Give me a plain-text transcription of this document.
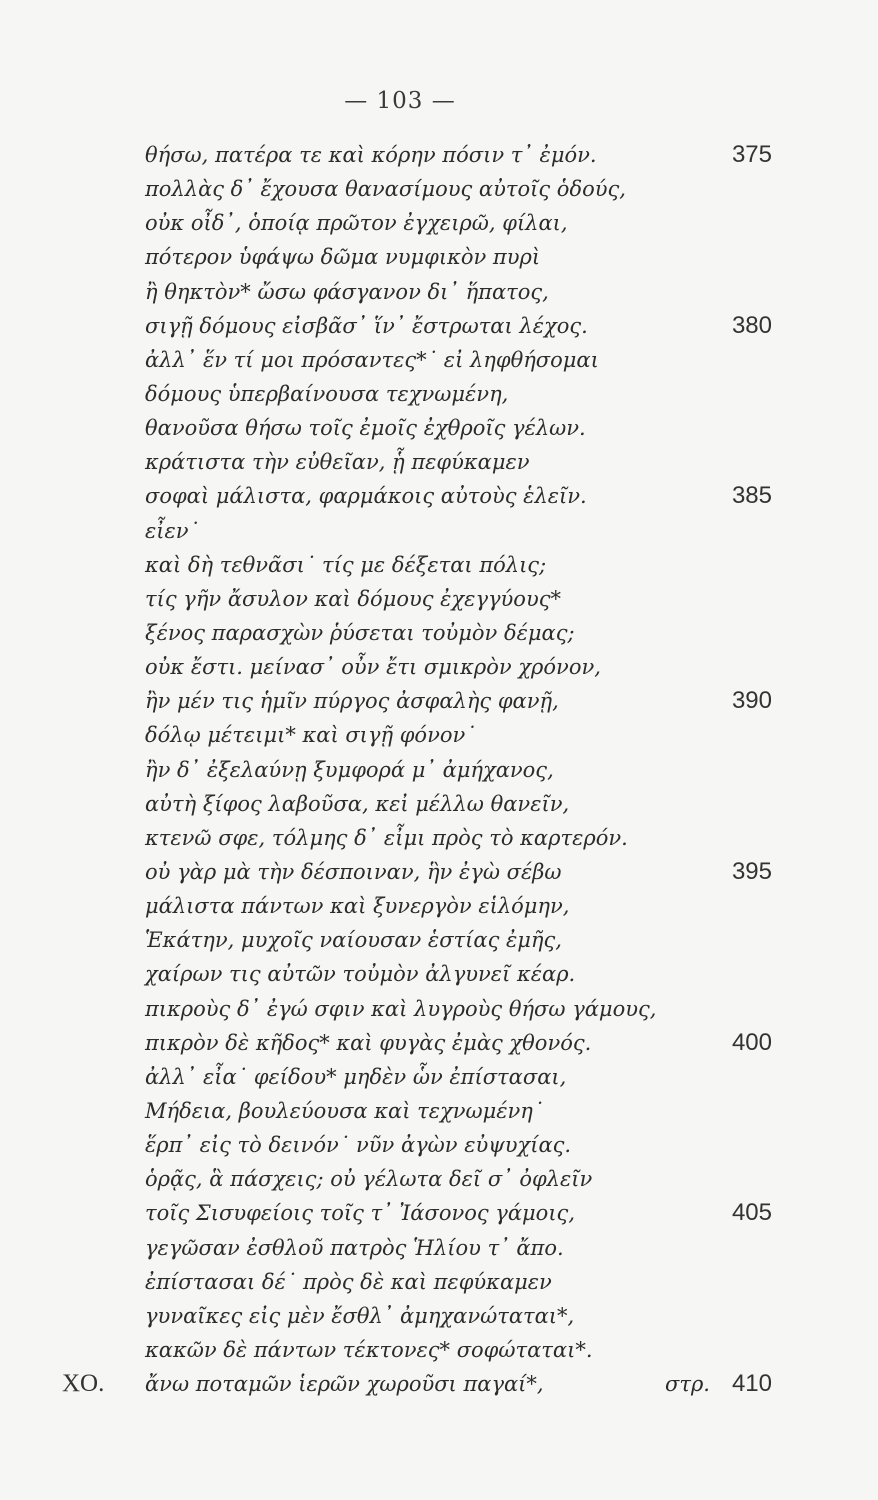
— 103 —
θήσω, πατέρα τε καὶ κόρην πόσιν τ᾽ ἐμόν.	375
πολλὰς δ᾽ ἔχουσα θανασίμους αὐτοῖς ὁδούς,
οὐκ οἶδ᾽, ὁποίᾳ πρῶτον ἐγχειρῶ, φίλαι,
πότερον ὑφάψω δῶμα νυμφικὸν πυρὶ
ἢ θηκτὸν* ὤσω φάσγανον δι᾽ ἥπατος,
σιγῇ δόμους εἰσβᾶσ᾽ ἵν᾽ ἔστρωται λέχος.	380
ἀλλ᾽ ἕν τί μοι πρόσαντες*˙ εἰ ληφθήσομαι
δόμους ὑπερβαίνουσα τεχνωμένη,
θανοῦσα θήσω τοῖς ἐμοῖς ἐχθροῖς γέλων.
κράτιστα τὴν εὐθεῖαν, ᾗ πεφύκαμεν
σοφαὶ μάλιστα, φαρμάκοις αὐτοὺς ἑλεῖν.	385
εἶεν˙
καὶ δὴ τεθνᾶσι˙ τίς με δέξεται πόλις;
τίς γῆν ἄσυλον καὶ δόμους ἐχεγγύους*
ξένος παρασχὼν ῥύσεται τοὐμὸν δέμας;
οὐκ ἔστι. μείνασ᾽ οὖν ἔτι σμικρὸν χρόνον,
ἢν μέν τις ἡμῖν πύργος ἀσφαλὴς φανῇ,	390
δόλῳ μέτειμι* καὶ σιγῇ φόνον˙
ἢν δ᾽ ἐξελαύνῃ ξυμφορά μ᾽ ἀμήχανος,
αὐτὴ ξίφος λαβοῦσα, κεἰ μέλλω θανεῖν,
κτενῶ σφε, τόλμης δ᾽ εἶμι πρὸς τὸ καρτερόν.
οὐ γὰρ μὰ τὴν δέσποιναν, ἣν ἐγὼ σέβω	395
μάλιστα πάντων καὶ ξυνεργὸν εἱλόμην,
Ἑκάτην, μυχοῖς ναίουσαν ἑστίας ἐμῆς,
χαίρων τις αὐτῶν τοὐμὸν ἀλγυνεῖ κέαρ.
πικροὺς δ᾽ ἐγώ σφιν καὶ λυγροὺς θήσω γάμους,
πικρὸν δὲ κῆδος* καὶ φυγὰς ἐμὰς χθονός.	400
ἀλλ᾽ εἶα˙ φείδου* μηδὲν ὧν ἐπίστασαι,
Μήδεια, βουλεύουσα καὶ τεχνωμένη˙
ἕρπ᾽ εἰς τὸ δεινόν˙ νῦν ἀγὼν εὐψυχίας.
ὁρᾷς, ἃ πάσχεις; οὐ γέλωτα δεῖ σ᾽ ὀφλεῖν
τοῖς Σισυφείοις τοῖς τ᾽ Ἰάσονος γάμοις,	405
γεγῶσαν ἐσθλοῦ πατρὸς Ἡλίου τ᾽ ἄπο.
ἐπίστασαι δέ˙ πρὸς δὲ καὶ πεφύκαμεν
γυναῖκες εἰς μὲν ἔσθλ᾽ ἀμηχανώταται*,
κακῶν δὲ πάντων τέκτονες* σοφώταται*.
ΧΟ. ἄνω ποταμῶν ἱερῶν χωροῦσι παγαί*,	στρ. 410
